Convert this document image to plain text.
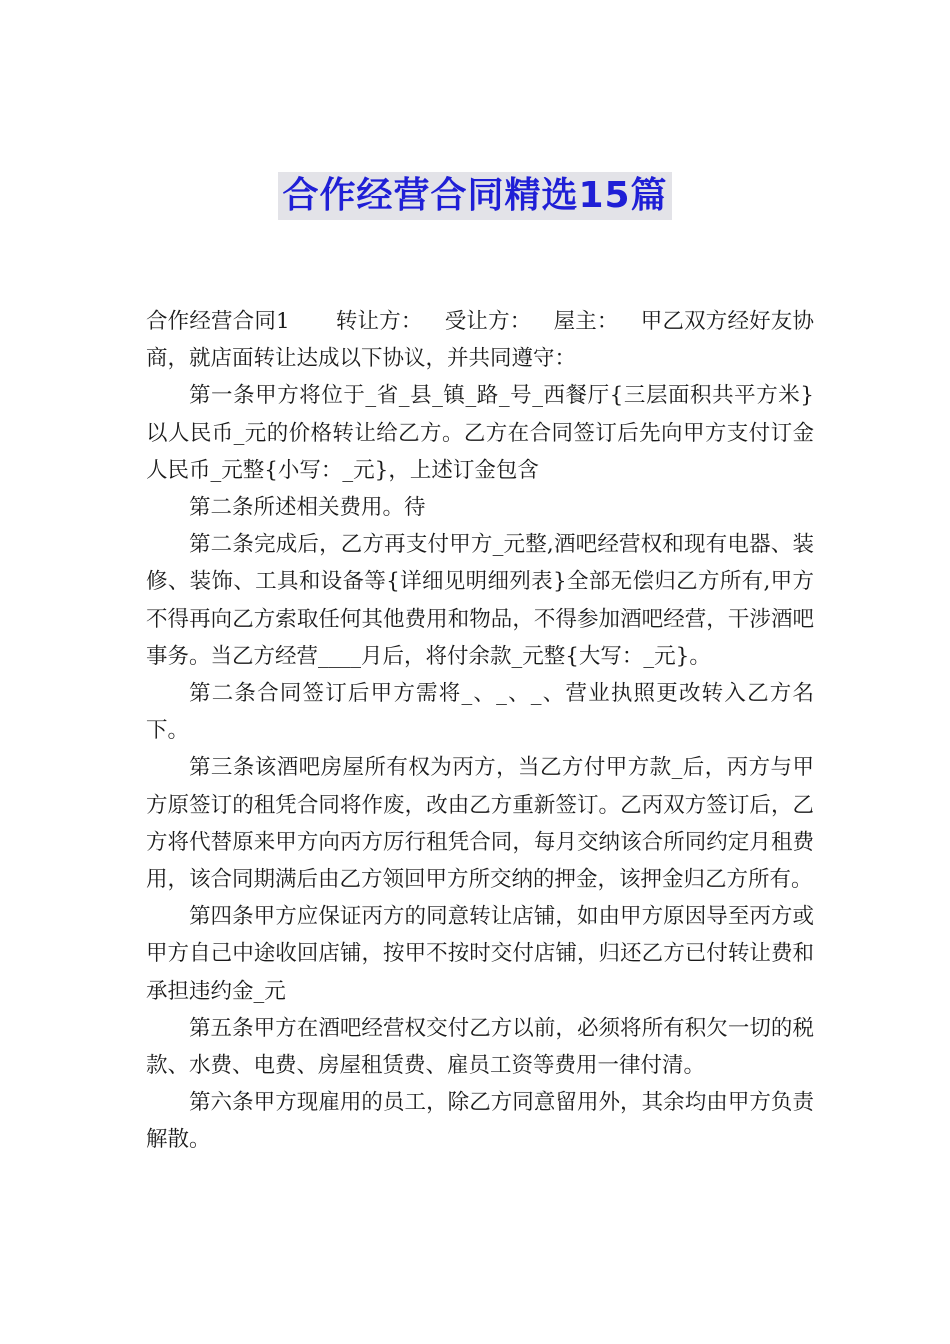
合作经营合同精选15篇

合作经营合同1 转让方： 受让方： 屋主： 甲乙双方经好友协商，就店面转让达成以下协议，并共同遵守：

第一条甲方将位于_省_县_镇_路_号_西餐厅{三层面积共平方米}以人民币_元的价格转让给乙方。乙方在合同签订后先向甲方支付订金人民币_元整{小写：_元}，上述订金包含

第二条所述相关费用。待

第二条完成后，乙方再支付甲方_元整,酒吧经营权和现有电器、装修、装饰、工具和设备等{详细见明细列表}全部无偿归乙方所有,甲方不得再向乙方索取任何其他费用和物品，不得参加酒吧经营，干涉酒吧事务。当乙方经营____月后，将付余款_元整{大写：_元}。

第二条合同签订后甲方需将_、_、_、营业执照更改转入乙方名下。

第三条该酒吧房屋所有权为丙方，当乙方付甲方款_后，丙方与甲方原签订的租凭合同将作废，改由乙方重新签订。乙丙双方签订后，乙方将代替原来甲方向丙方厉行租凭合同，每月交纳该合所同约定月租费用，该合同期满后由乙方领回甲方所交纳的押金，该押金归乙方所有。

第四条甲方应保证丙方的同意转让店铺，如由甲方原因导至丙方或甲方自己中途收回店铺，按甲不按时交付店铺，归还乙方已付转让费和承担违约金_元

第五条甲方在酒吧经营权交付乙方以前，必须将所有积欠一切的税款、水费、电费、房屋租赁费、雇员工资等费用一律付清。

第六条甲方现雇用的员工，除乙方同意留用外，其余均由甲方负责解散。
